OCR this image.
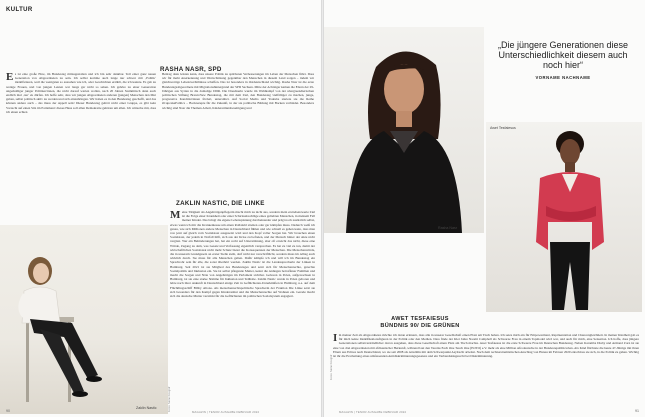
KULTUR
RASHA NASR, SPD
E s ist eine große Ehre, im Bundestag mitzugestalten und ich bin sehr dankbar. Teil einer ganz neuen Generation von Abgeordneten zu sein. Ich selbst komme auch lange nur schwer mit ‚Politik‘ identifizieren, weil die wenigsten so aussahen wie ich, oder Geschichten erzählt, die ich kannte. Es gab zu wenige Frauen, und von jungen Leuten war lange gar nicht so sehen. Ich gehöre zu einer Generation ungeduldiger junger Politiker:innen, die nicht darauf warten wollen, nach 20 Jahren Stammtisch dann auch endlich mal ‚ran‘ zu dürfen. Ich hoffe sehr, dass wir jungen Abgeordneten anderen (jungen) Menschen den Mut geben, selbst politisch aktiv zu werden und sich einzubringen. Wir haben es in den Bundestag geschafft, und das können andere auch – das muss der Appell sein! Dieser Bundestag gehört nicht einer Gruppe, es gibt kein Vorrecht auf einen Sitz im Parlament: dieses Haus soll allen Demokratie gehören um allen. Ich wünsche mir, dass ich einen echten
Beitrag dazu leisten kann, dass unsere Politik zu spürbaren Verbesserungen im Leben der Menschen führt. Dass wir für mehr Anerkennung und Wertschätzung gegenüber den Menschen in diesem Land sorgen – indem wir gleichwertige Lebensverhältnisse schaffen. Das ist besonders in Ostdeutschland wichtig. Rasha Nasr ist die erste Bundestagsabgeordnete mit Migrationshintergrund der SPD Sachsen. Mitte der Achtziger kamen die Eltern der 29-Jährigen aus Syrien in die damalige DDR. Die Dresdnerin wurde im Wahlkampf von der ubergreendierischen politischen Stiftung Brand-New Bundestag, die mit dem Ziel, den Bundestag vielfältiger zu machen, junge, progressive Kandidat:innen fördert, unterstützt. Auf Social Media und Youtube startete sie die Reihe #CupcakePolitics – Backrezepte für die Zukunft, in der sie politische Bildung mit Backen verbindet. Besonders wichtig sind Nasr die Themen Arbeit, Kinderarmutsbeseitigung und
ZAKLIN NASTIC, DIE LINKE
M eine Tätigkeit als Angehörigenpflegerin macht mich zu nicht aus, sondern mein erstrebenswerte Ziel ist die Folge einer Krankheit oder einer Schicksalsschläge eines geliebten Menschen, in meinem Fall meiner Kinder. Das bringt die eigene Lebensplanung durcheinander und prägt noch zusätzlich selbst, etwas wenn ich mir die Krankenkasse um einen Rollstuhl streiten oder gar kämpfen muss. Dadurch weiß ich genau, wie sich Millionen andere Menschen in Deutschland fühlen und wie schnell es gehen kann, dass man von jetzt auf gleich vom Sozialstaat ausgesetzt wird und den Kopf voller Sorgen hat. Wir brauchen einen Sozialstaat, der jedem in Notfall hilft, sich aus der Krise zu befreien, und der Mensch hinter der Akte nicht vergisst. Wer ein Behinderungen hat, hat ein recht auf Unterstützung, aber oft erreicht das nicht, diese eine Würde, Zugang zu dem, was Gesetz und Verfassung eigentlich versprechen. Es hat zu viel zu tun, damit der wirtschaftlichen Sozialstaat nicht mehr Schutz bietet die Konsequenzen der Menschen. Die Menschenwürde, die in unserem Grundgesetz an erster Stelle steht, darf nicht nur verschriftlicht, sondern muss im Alltag auch wirklich durch. Sie muss für alle Menschen gelten. Dafür kämpfe ich und will ich im Bundestag ein Sprachrohr sein für alle, die sonst überhört werden. Zaklin Nastic ist die Landessprecherin der Linken in Hamburg. Seit 2021 ist sie Mitglied des Bundestages und setzt sich für Menschenrechte, gerechte Sozialpolitik und Inklusion ein. Sie ist selbst pflegende Mutter, kennt die Anliegen betroffener Familien und macht die Sorgen und Nöte von Angehörigen im Parlament sichtbar. Geboren in Polen, aufgewachsen in Hamburg, ist sie eine starke Stimme für Inklusion und Teilhabe. Zaklin Nastic wurde in Polen geboren und lebte nach ihrer Ankunft in Deutschland einige Zeit in Geflüchteten-Unterkünften in Hamburg, u.a. auf dem Flüchtlingsschiff Bibby Altona. Als menschenrechtspolitische Sprecherin der Fraktion Die Linke setzt sie sich besonders für den Kampf gegen Kinderarmut und die Menschenrechte auf Wohnen ein. Gerade macht sich die deutsche Mutter verstärkt für die Geflüchteten im politischen Sozialsystem engagiert.
Zaklin Nastic	Fotos: Name Fotograf	MAGAZIN | TENOR AUSGABE FEBRUAR 2022
90
Rasha Nasr
„Die jüngere Generationen diese Unterschiedlichkeit diesem auch noch hier“
VORNAME NACHNAME
Awet Tesfaiesus
AWET TESFAIESUS
BÜNDNIS 90/ DIE GRÜNEN
I m meiner Zeit als Abgeordnetes möchte ich daran erinnern, dass alle in unserer Gesellschaft einen Platz am Tisch haben. Ich setze mich ein für Empowerment, Repräsentation und Chancengleichheit. In meiner Kindheit gab es für mich keine Identifikationsfiguren in der Politik oder den Medien. Dass finde der Klet Jahre Naomi Campbell als Schwarze Frau in einem Topmodel wird war, und auch für mich, eine Sensation. Ich hoffe, dass jüngere Generationen selbstverständlicher davon ausgehen, dass diese Gesellschaft einen Platz am Tisch machte. Awet Tesfaiesus ist die erste Schwarze Frau im Deutschen Bundestag. Neben Karamba Diaby und Armand Zorn ist sie eine von drei Abgeordneten mit afrikanischer Herkunft, während laut den Vereins Each One Teach One (EOTO) e.V. mehr als eine Million Afrodeutsche in der Bundesrepublik leben. Als Kind flüchtete die heute 47-Jährige mit ihren Eltern aus Eritrea nach Deutschland, wo sie seit 2008 als Anwältin mit dem Schwerpunkt Asylrecht arbeitet. Nach dem rechtsextremistischen Anschlag von Hanau im Februar 2020 entschloss sie sich, in die Politik zu gehen. Wichtig ist ihr die Erarbeitung eines umfassenden Antidiskriminierungsgesetzes und ein Verbandsklagerecht bei Diskriminierung.
Fotos: Name Fotograf
MAGAZIN | TENOR AUSGABE FEBRUAR 2022	91
